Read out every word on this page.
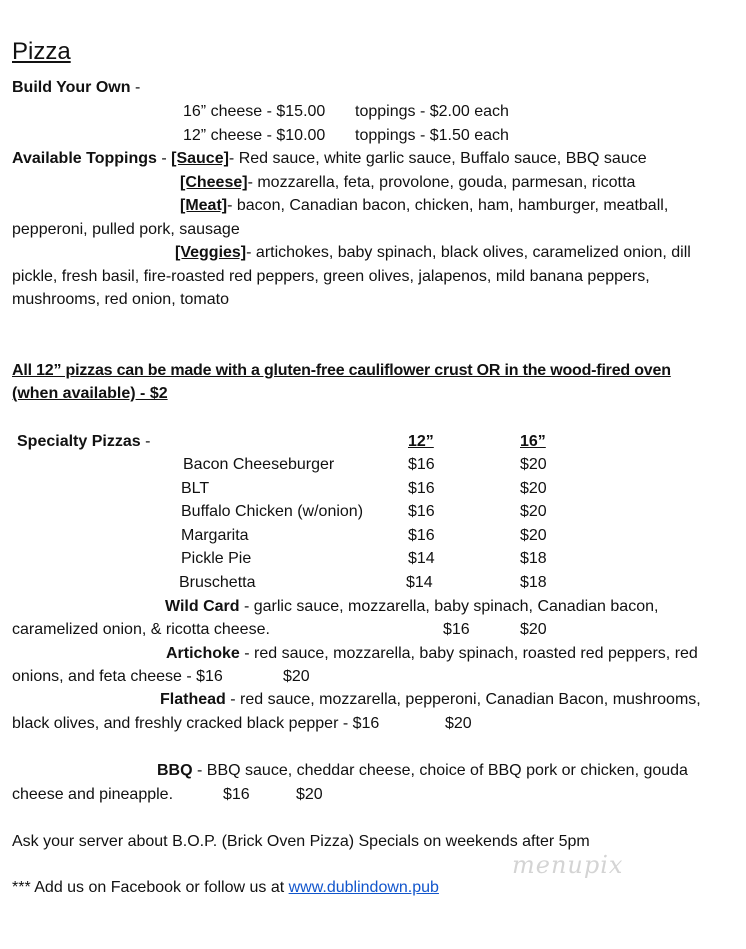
Pizza
Build Your Own -
16” cheese - $15.00 toppings - $2.00 each
12” cheese - $10.00 toppings - $1.50 each
Available Toppings - [Sauce]- Red sauce, white garlic sauce, Buffalo sauce, BBQ sauce
[Cheese]- mozzarella, feta, provolone, gouda, parmesan, ricotta
[Meat]- bacon, Canadian bacon, chicken, ham, hamburger, meatball,
pepperoni, pulled pork, sausage
[Veggies]- artichokes, baby spinach, black olives, caramelized onion, dill
pickle, fresh basil, fire-roasted red peppers, green olives, jalapenos, mild banana peppers,
mushrooms, red onion, tomato
All 12” pizzas can be made with a gluten-free cauliflower crust OR in the wood-fired oven
(when available) - $2
Specialty Pizzas -	12”	16”
Bacon Cheeseburger	$16	$20
BLT	$16	$20
Buffalo Chicken (w/onion)	$16	$20
Margarita	$16	$20
Pickle Pie	$14	$18
Bruschetta	$14	$18
Wild Card - garlic sauce, mozzarella, baby spinach, Canadian bacon,
caramelized onion, & ricotta cheese.	$16	$20
Artichoke - red sauce, mozzarella, baby spinach, roasted red peppers, red
onions, and feta cheese - $16	$20
Flathead - red sauce, mozzarella, pepperoni, Canadian Bacon, mushrooms,
black olives, and freshly cracked black pepper - $16	$20
BBQ - BBQ sauce, cheddar cheese, choice of BBQ pork or chicken, gouda
cheese and pineapple.	$16	$20
Ask your server about B.O.P. (Brick Oven Pizza) Specials on weekends after 5pm
menupix
*** Add us on Facebook or follow us at www.dublindown.pub
